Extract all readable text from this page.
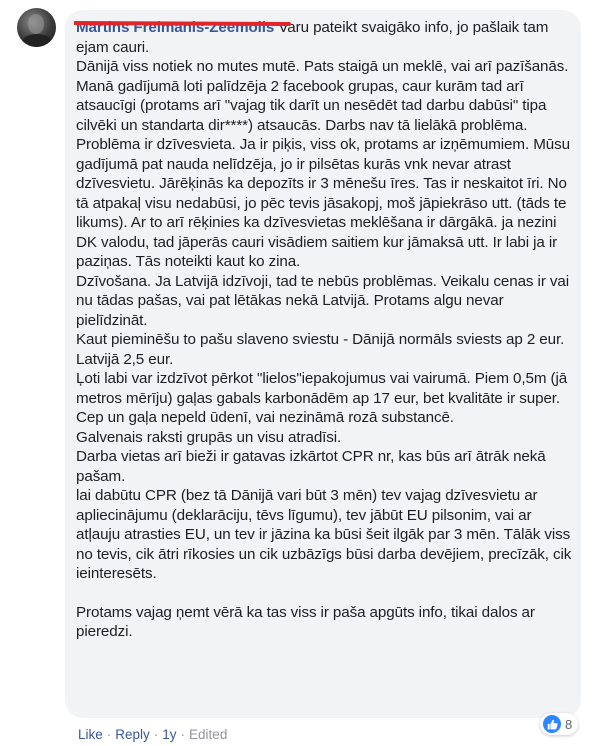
Martins Freimanis-Zeemolis Varu pateikt svaigāko info, jo pašlaik tam ejam cauri.

Dānijā viss notiek no mutes mutē. Pats staigā un meklē, vai arī pazīšanās. Manā gadījumā loti palīdzēja 2 facebook grupas, caur kurām tad arī atsaucīgi (protams arī "vajag tik darīt un nesēdēt tad darbu dabūsi" tipa cilvēki un standarta dir****) atsaucās. Darbs nav tā lielākā problēma.

Problēma ir dzīvesvieta. Ja ir piķis, viss ok, protams ar izņēmumiem. Mūsu gadījumā pat nauda nelīdzēja, jo ir pilsētas kurās vnk nevar atrast dzīvesvietu. Jārēķinās ka depozīts ir 3 mēnešu īres. Tas ir neskaitot īri. No tā atpakaļ visu nedabūsi, jo pēc tevis jāsakopj, moš jāpiekrāso utt. (tāds te likums). Ar to arī rēķinies ka dzīvesvietas meklēšana ir dārgākā. ja nezini DK valodu, tad jāperās cauri visādiem saitiem kur jāmaksā utt. Ir labi ja ir paziņas. Tās noteikti kaut ko zina.

Dzīvošana. Ja Latvijā idzīvoji, tad te nebūs problēmas. Veikalu cenas ir vai nu tādas pašas, vai pat lētākas nekā Latvijā. Protams algu nevar pielīdzināt.

Kaut pieminēšu to pašu slaveno sviestu - Dānijā normāls sviests ap 2 eur. Latvijā 2,5 eur.

Ļoti labi var izdzīvot pērkot "lielos"iepakojumus vai vairumā. Piem 0,5m (jā metros mērīju) gaļas gabals karbonādēm ap 17 eur, bet kvalitāte ir super. Cep un gaļa nepeld ūdenī, vai nezināmā rozā substancē.

Galvenais raksti grupās un visu atradīsi.

Darba vietas arī bieži ir gatavas izkārtot CPR nr, kas būs arī ātrāk nekā pašam.

lai dabūtu CPR (bez tā Dānijā vari būt 3 mēn) tev vajag dzīvesvietu ar apliecinājumu (deklarāciju, tēvs līgumu), tev jābūt EU pilsonim, vai ar atļauju atrasties EU, un tev ir jāzina ka būsi šeit ilgāk par 3 mēn. Tālāk viss no tevis, cik ātri rīkosies un cik uzbāzīgs būsi darba devējiem, precīzāk, cik ieinteresēts.

Protams vajag ņemt vērā ka tas viss ir paša apgūts info, tikai dalos ar pieredzi.

8
Like · Reply · 1y · Edited
